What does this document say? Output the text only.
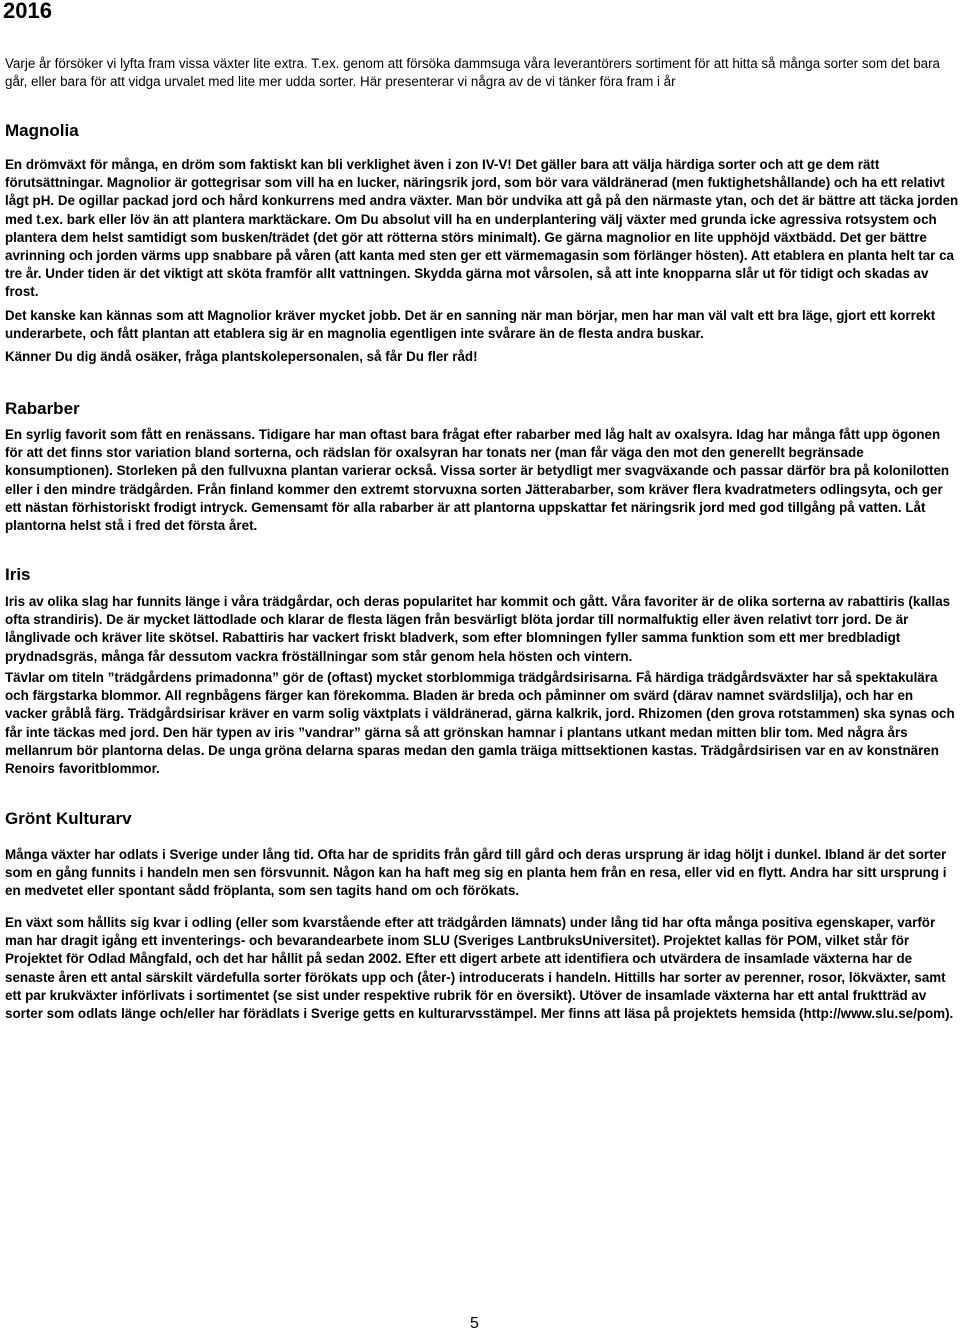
2016

Varje år försöker vi lyfta fram vissa växter lite extra. T.ex. genom att försöka dammsuga våra leverantörers sortiment för att hitta så många sorter som det bara går, eller bara för att vidga urvalet med lite mer udda sorter. Här presenterar vi några av de vi tänker föra fram i år

Magnolia

En drömväxt för många, en dröm som faktiskt kan bli verklighet även i zon IV-V! Det gäller bara att välja härdiga sorter och att ge dem rätt förutsättningar. Magnolior är gottegrisar som vill ha en lucker, näringsrik jord, som bör vara väldränerad (men fuktighetshållande) och ha ett relativt lågt pH. De ogillar packad jord och hård konkurrens med andra växter. Man bör undvika att gå på den närmaste ytan, och det är bättre att täcka jorden med t.ex. bark eller löv än att plantera marktäckare. Om Du absolut vill ha en underplantering välj växter med grunda icke agressiva rotsystem och plantera dem helst samtidigt som busken/trädet (det gör att rötterna störs minimalt). Ge gärna magnolior en lite upphöjd växtbädd. Det ger bättre avrinning och jorden värms upp snabbare på våren (att kanta med sten ger ett värmemagasin som förlänger hösten). Att etablera en planta helt tar ca tre år. Under tiden är det viktigt att sköta framför allt vattningen. Skydda gärna mot vårsolen, så att inte knopparna slår ut för tidigt och skadas av frost.

Det kanske kan kännas som att Magnolior kräver mycket jobb. Det är en sanning när man börjar, men har man väl valt ett bra läge, gjort ett korrekt underarbete, och fått plantan att etablera sig är en magnolia egentligen inte svårare än de flesta andra buskar.

Känner Du dig ändå osäker, fråga plantskolepersonalen, så får Du fler råd!

Rabarber

En syrlig favorit som fått en renässans. Tidigare har man oftast bara frågat efter rabarber med låg halt av oxalsyra. Idag har många fått upp ögonen för att det finns stor variation bland sorterna, och rädslan för oxalsyran har tonats ner (man får väga den mot den generellt begränsade konsumptionen). Storleken på den fullvuxna plantan varierar också. Vissa sorter är betydligt mer svagväxande och passar därför bra på kolonilotten eller i den mindre trädgården. Från finland kommer den extremt storvuxna sorten Jätterabarber, som kräver flera kvadratmeters odlingsyta, och ger ett nästan förhistoriskt frodigt intryck. Gemensamt för alla rabarber är att plantorna uppskattar fet näringsrik jord med god tillgång på vatten. Låt plantorna helst stå i fred det första året.

Iris

Iris av olika slag har funnits länge i våra trädgårdar, och deras popularitet har kommit och gått. Våra favoriter är de olika sorterna av rabattiris (kallas ofta strandiris). De är mycket lättodlade och klarar de flesta lägen från besvärligt blöta jordar till normalfuktig eller även relativt torr jord. De är långlivade och kräver lite skötsel. Rabattiris har vackert friskt bladverk, som efter blomningen fyller samma funktion som ett mer bredbladigt prydnadsgräs, många får dessutom vackra fröställningar som står genom hela hösten och vintern.

Tävlar om titeln ”trädgårdens primadonna” gör de (oftast) mycket storblommiga trädgårdsirisarna. Få härdiga trädgårdsväxter har så spektakulära och färgstarka blommor. All regnbågens färger kan förekomma. Bladen är breda och påminner om svärd (därav namnet svärdslilja), och har en vacker gråblå färg. Trädgårdsirisar kräver en varm solig växtplats i väldränerad, gärna kalkrik, jord. Rhizomen (den grova rotstammen) ska synas och får inte täckas med jord. Den här typen av iris ”vandrar” gärna så att grönskan hamnar i plantans utkant medan mitten blir tom. Med några års mellanrum bör plantorna delas. De unga gröna delarna sparas medan den gamla träiga mittsektionen kastas. Trädgårdsirisen var en av konstnären Renoirs favoritblommor.

Grönt Kulturarv

Många växter har odlats i Sverige under lång tid. Ofta har de spridits från gård till gård och deras ursprung är idag höljt i dunkel. Ibland är det sorter som en gång funnits i handeln men sen försvunnit. Någon kan ha haft meg sig en planta hem från en resa, eller vid en flytt. Andra har sitt ursprung i en medvetet eller spontant sådd fröplanta, som sen tagits hand om och förökats.

En växt som hållits sig kvar i odling (eller som kvarstående efter att trädgården lämnats) under lång tid har ofta många positiva egenskaper, varför man har dragit igång ett inventerings- och bevarandearbete inom SLU (Sveriges LantbruksUniversitet). Projektet kallas för POM, vilket står för Projektet för Odlad Mångfald, och det har hållit på sedan 2002. Efter ett digert arbete att identifiera och utvärdera de insamlade växterna har de senaste åren ett antal särskilt värdefulla sorter förökats upp och (åter-) introducerats i handeln. Hittills har sorter av perenner, rosor, lökväxter, samt ett par krukväxter införlivats i sortimentet (se sist under respektive rubrik för en översikt). Utöver de insamlade växterna har ett antal fruktträd av sorter som odlats länge och/eller har förädlats i Sverige getts en kulturarvsstämpel. Mer finns att läsa på projektets hemsida (http://www.slu.se/pom).

5
